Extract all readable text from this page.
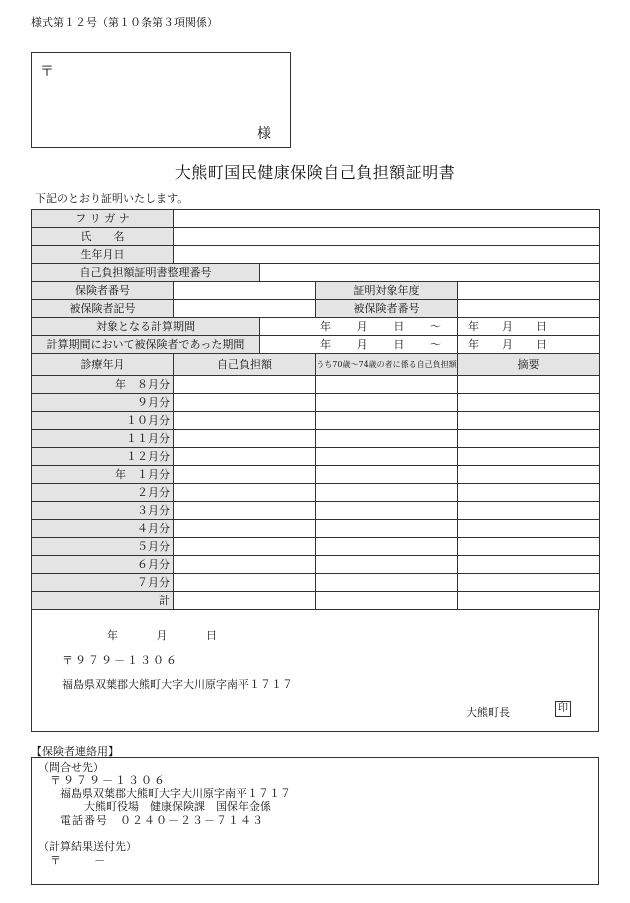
様式第１２号（第１０条第３項関係）
〒
様
大熊町国民健康保険自己負担額証明書
下記のとおり証明いたします。
フ リ ガ ナ				
氏　　名				
生年月日				
自己負担額証明書整理番号				
保険者番号			証明対象年度	
被保険者記号			被保険者番号	
対象となる計算期間		年 月 日 ～		年 月 日

計算期間において被保険者であった期間		年 月 日 ～		年 月 日

診療年月	自己負担額		うち70歳～74歳の者に係る自己負担額	摘要
年　８月分				
９月分				
１０月分				
１１月分				
１２月分				
年　１月分				
２月分				
３月分				
４月分				
５月分				
６月分				
７月分				
計				
年	月	日
〒９７９－１３０６
福島県双葉郡大熊町大字大川原字南平１７１７
大熊町長	印
【保険者連絡用】
（問合せ先）
〒９７９－１３０６
福島県双葉郡大熊町大字大川原字南平１７１７
大熊町役場　健康保険課　国保年金係
電話番号　０２４０－２３－７１４３
（計算結果送付先）
〒　　　－
